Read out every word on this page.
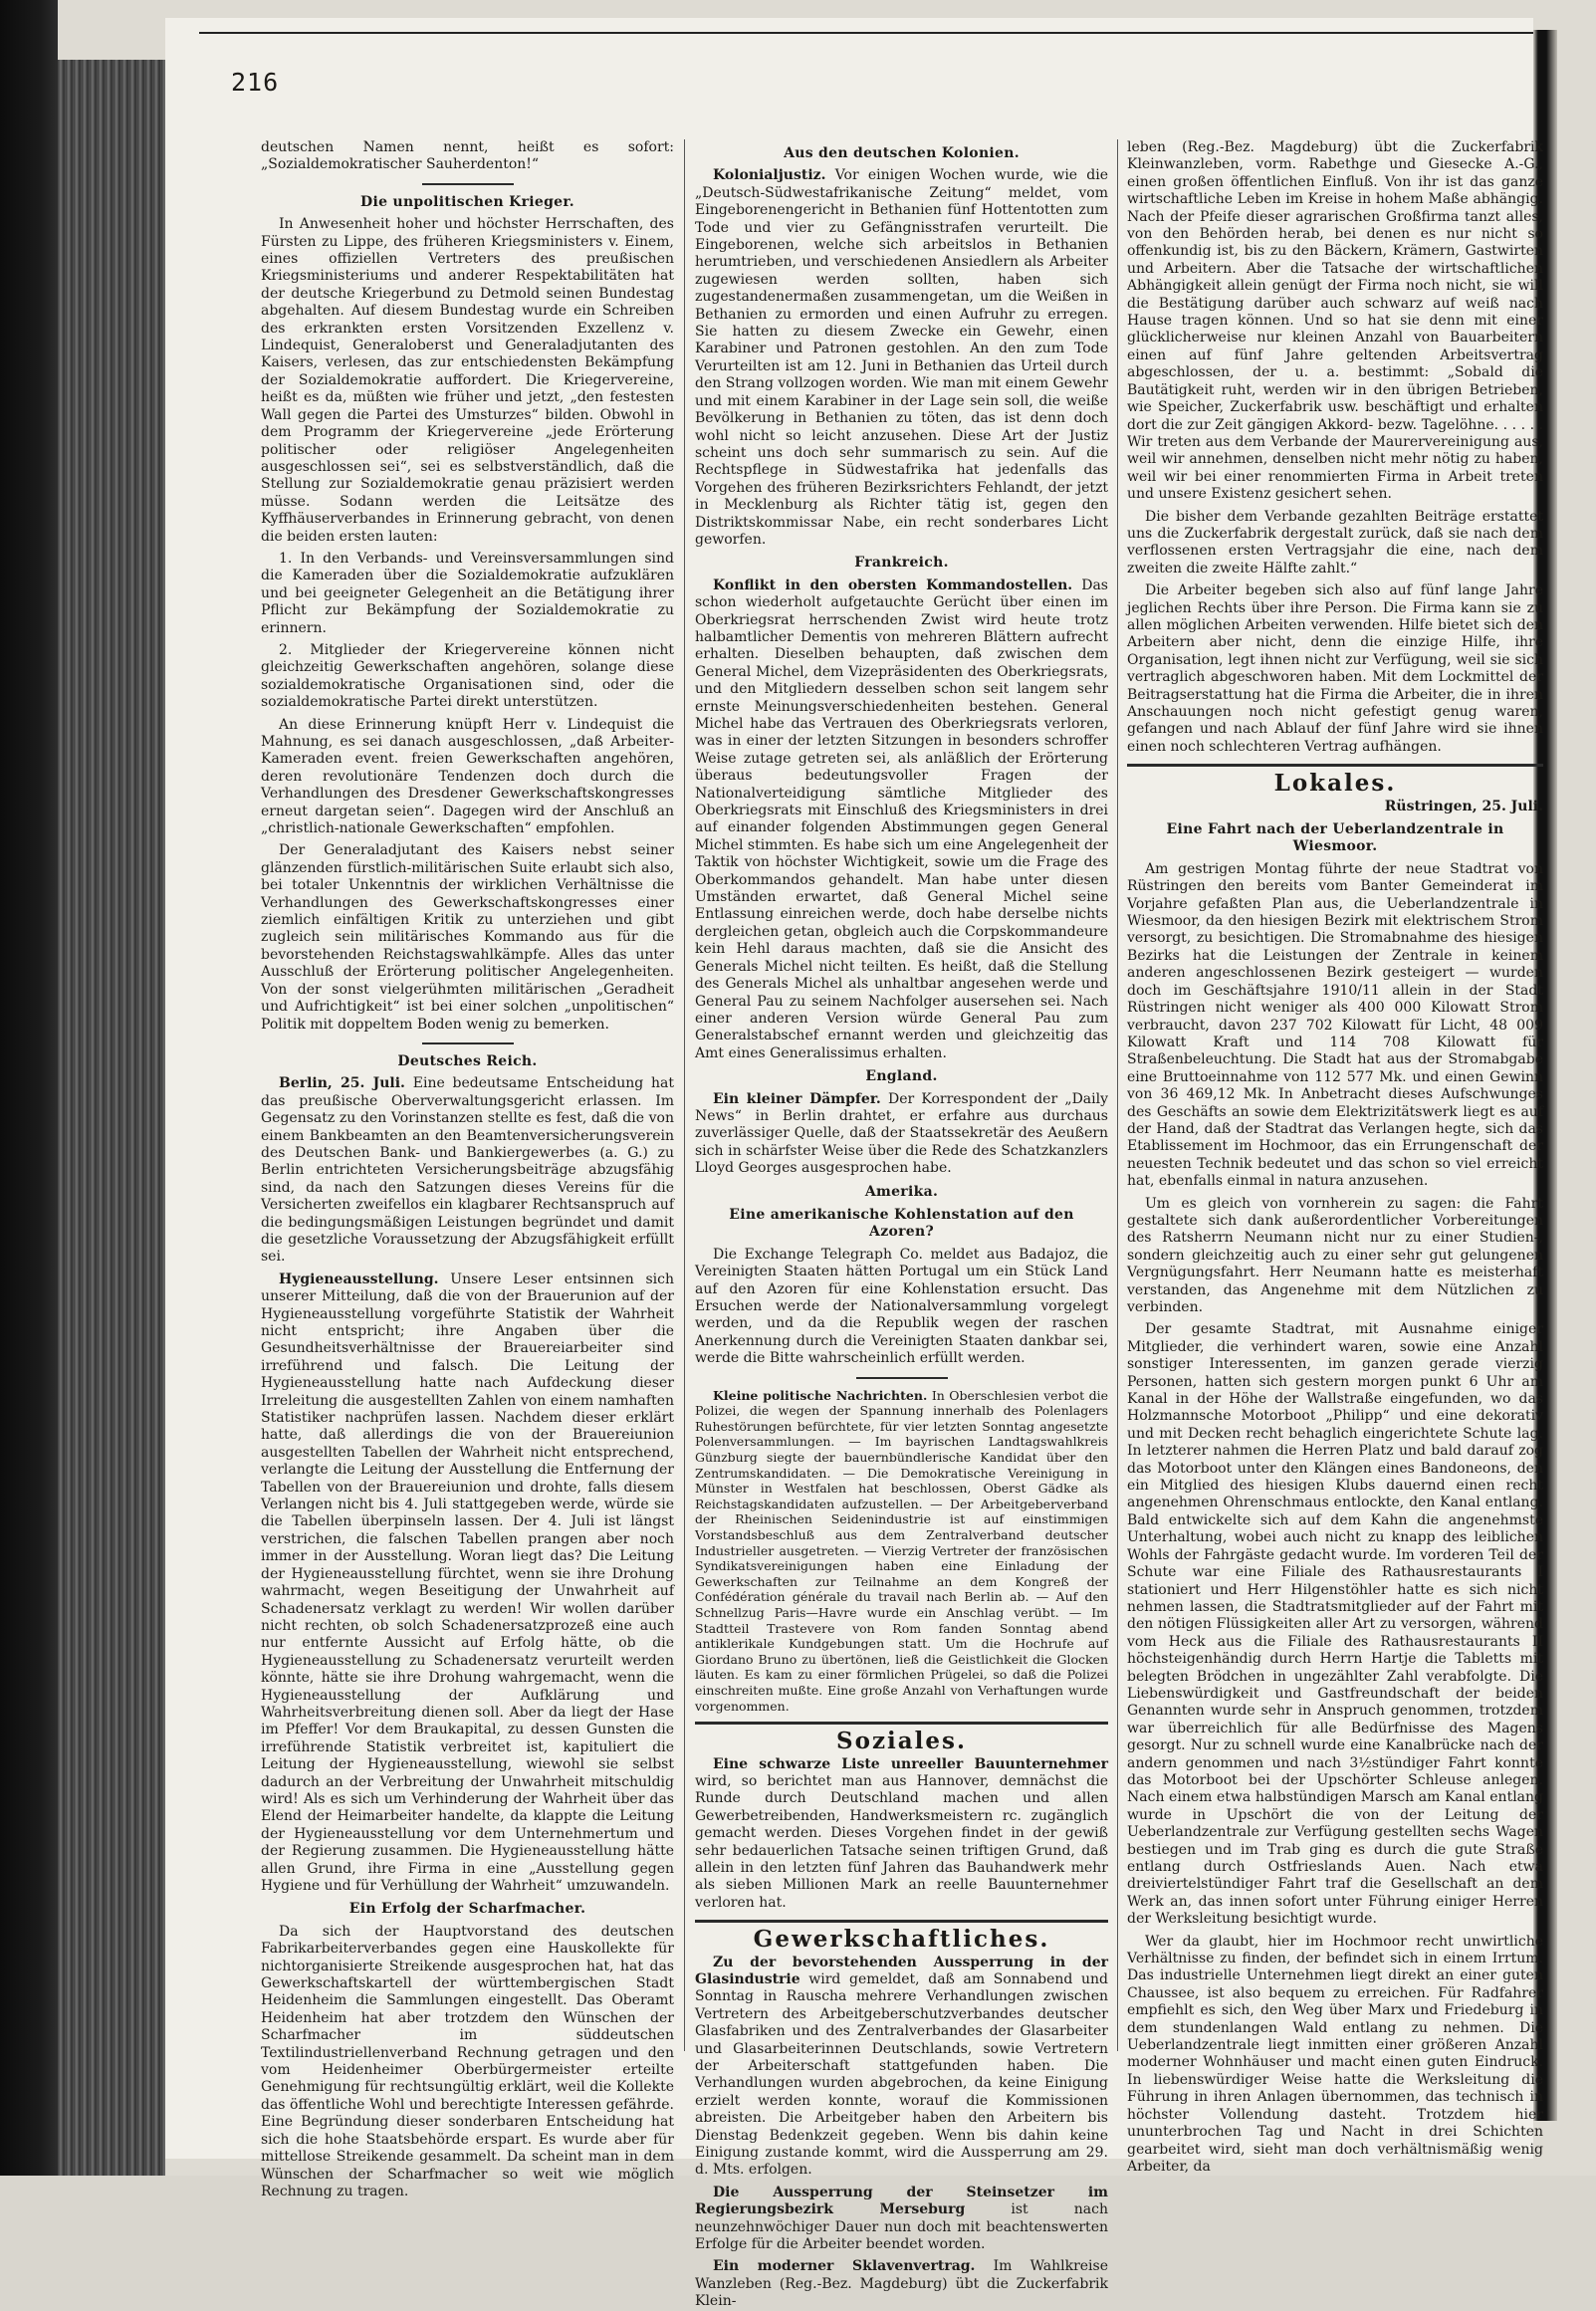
216

deutschen Namen nennt, heißt es sofort: „Sozialdemokratischer Sauherdenton!“

Die unpolitischen Krieger.

In Anwesenheit hoher und höchster Herrschaften, des Fürsten zu Lippe, des früheren Kriegsministers v. Einem, eines offiziellen Vertreters des preußischen Kriegsministeriums und anderer Respektabilitäten hat der deutsche Kriegerbund zu Detmold seinen Bundestag abgehalten. Auf diesem Bundestag wurde ein Schreiben des erkrankten ersten Vorsitzenden Exzellenz v. Lindequist, Generaloberst und Generaladjutanten des Kaisers, verlesen, das zur entschiedensten Bekämpfung der Sozialdemokratie auffordert. Die Kriegervereine, heißt es da, müßten wie früher und jetzt, „den festesten Wall gegen die Partei des Umsturzes“ bilden. Obwohl in dem Programm der Kriegervereine „jede Erörterung politischer oder religiöser Angelegenheiten ausgeschlossen sei“, sei es selbstverständlich, daß die Stellung zur Sozialdemokratie genau präzisiert werden müsse. Sodann werden die Leitsätze des Kyffhäuserverbandes in Erinnerung gebracht, von denen die beiden ersten lauten:

1. In den Verbands- und Vereinsversammlungen sind die Kameraden über die Sozialdemokratie aufzuklären und bei geeigneter Gelegenheit an die Betätigung ihrer Pflicht zur Bekämpfung der Sozialdemokratie zu erinnern.

2. Mitglieder der Kriegervereine können nicht gleichzeitig Gewerkschaften angehören, solange diese sozialdemokratische Organisationen sind, oder die sozialdemokratische Partei direkt unterstützen.

An diese Erinnerung knüpft Herr v. Lindequist die Mahnung, es sei danach ausgeschlossen, „daß Arbeiter-Kameraden event. freien Gewerkschaften angehören, deren revolutionäre Tendenzen doch durch die Verhandlungen des Dresdener Gewerkschaftskongresses erneut dargetan seien“. Dagegen wird der Anschluß an „christlich-nationale Gewerkschaften“ empfohlen.

Der Generaladjutant des Kaisers nebst seiner glänzenden fürstlich-militärischen Suite erlaubt sich also, bei totaler Unkenntnis der wirklichen Verhältnisse die Verhandlungen des Gewerkschaftskongresses einer ziemlich einfältigen Kritik zu unterziehen und gibt zugleich sein militärisches Kommando aus für die bevorstehenden Reichstagswahlkämpfe. Alles das unter Ausschluß der Erörterung politischer Angelegenheiten. Von der sonst vielgerühmten militärischen „Geradheit und Aufrichtigkeit“ ist bei einer solchen „unpolitischen“ Politik mit doppeltem Boden wenig zu bemerken.

Deutsches Reich.

Berlin, 25. Juli. Eine bedeutsame Entscheidung hat das preußische Oberverwaltungsgericht erlassen. Im Gegensatz zu den Vorinstanzen stellte es fest, daß die von einem Bankbeamten an den Beamtenversicherungsverein des Deutschen Bank- und Bankiergewerbes (a. G.) zu Berlin entrichteten Versicherungsbeiträge abzugsfähig sind, da nach den Satzungen dieses Vereins für die Versicherten zweifellos ein klagbarer Rechtsanspruch auf die bedingungsmäßigen Leistungen begründet und damit die gesetzliche Voraussetzung der Abzugsfähigkeit erfüllt sei.

Hygieneausstellung. Unsere Leser entsinnen sich unserer Mitteilung, daß die von der Brauerunion auf der Hygieneausstellung vorgeführte Statistik der Wahrheit nicht entspricht; ihre Angaben über die Gesundheitsverhältnisse der Brauereiarbeiter sind irreführend und falsch. Die Leitung der Hygieneausstellung hatte nach Aufdeckung dieser Irreleitung die ausgestellten Zahlen von einem namhaften Statistiker nachprüfen lassen. Nachdem dieser erklärt hatte, daß allerdings die von der Brauereiunion ausgestellten Tabellen der Wahrheit nicht entsprechend, verlangte die Leitung der Ausstellung die Entfernung der Tabellen von der Brauereiunion und drohte, falls diesem Verlangen nicht bis 4. Juli stattgegeben werde, würde sie die Tabellen überpinseln lassen. Der 4. Juli ist längst verstrichen, die falschen Tabellen prangen aber noch immer in der Ausstellung. Woran liegt das? Die Leitung der Hygieneausstellung fürchtet, wenn sie ihre Drohung wahrmacht, wegen Beseitigung der Unwahrheit auf Schadenersatz verklagt zu werden! Wir wollen darüber nicht rechten, ob solch Schadenersatzprozeß eine auch nur entfernte Aussicht auf Erfolg hätte, ob die Hygieneausstellung zu Schadenersatz verurteilt werden könnte, hätte sie ihre Drohung wahrgemacht, wenn die Hygieneausstellung der Aufklärung und Wahrheitsverbreitung dienen soll. Aber da liegt der Hase im Pfeffer! Vor dem Braukapital, zu dessen Gunsten die irreführende Statistik verbreitet ist, kapituliert die Leitung der Hygieneausstellung, wiewohl sie selbst dadurch an der Verbreitung der Unwahrheit mitschuldig wird! Als es sich um Verhinderung der Wahrheit über das Elend der Heimarbeiter handelte, da klappte die Leitung der Hygieneausstellung vor dem Unternehmertum und der Regierung zusammen. Die Hygieneausstellung hätte allen Grund, ihre Firma in eine „Ausstellung gegen Hygiene und für Verhüllung der Wahrheit“ umzuwandeln.

Ein Erfolg der Scharfmacher.

Da sich der Hauptvorstand des deutschen Fabrikarbeiterverbandes gegen eine Hauskollekte für nichtorganisierte Streikende ausgesprochen hat, hat das Gewerkschaftskartell der württembergischen Stadt Heidenheim die Sammlungen eingestellt. Das Oberamt Heidenheim hat aber trotzdem den Wünschen der Scharfmacher im süddeutschen Textilindustriellenverband Rechnung getragen und den vom Heidenheimer Oberbürgermeister erteilte Genehmigung für rechtsungültig erklärt, weil die Kollekte das öffentliche Wohl und berechtigte Interessen gefährde. Eine Begründung dieser sonderbaren Entscheidung hat sich die hohe Staatsbehörde erspart. Es wurde aber für mittellose Streikende gesammelt. Da scheint man in dem Wünschen der Scharfmacher so weit wie möglich Rechnung zu tragen.

Aus den deutschen Kolonien.

Kolonialjustiz. Vor einigen Wochen wurde, wie die „Deutsch-Südwestafrikanische Zeitung“ meldet, vom Eingeborenengericht in Bethanien fünf Hottentotten zum Tode und vier zu Gefängnisstrafen verurteilt. Die Eingeborenen, welche sich arbeitslos in Bethanien herumtrieben, und verschiedenen Ansiedlern als Arbeiter zugewiesen werden sollten, haben sich zugestandenermaßen zusammengetan, um die Weißen in Bethanien zu ermorden und einen Aufruhr zu erregen. Sie hatten zu diesem Zwecke ein Gewehr, einen Karabiner und Patronen gestohlen. An den zum Tode Verurteilten ist am 12. Juni in Bethanien das Urteil durch den Strang vollzogen worden. Wie man mit einem Gewehr und mit einem Karabiner in der Lage sein soll, die weiße Bevölkerung in Bethanien zu töten, das ist denn doch wohl nicht so leicht anzusehen. Diese Art der Justiz scheint uns doch sehr summarisch zu sein. Auf die Rechtspflege in Südwestafrika hat jedenfalls das Vorgehen des früheren Bezirksrichters Fehlandt, der jetzt in Mecklenburg als Richter tätig ist, gegen den Distriktskommissar Nabe, ein recht sonderbares Licht geworfen.

Frankreich.

Konflikt in den obersten Kommandostellen. Das schon wiederholt aufgetauchte Gerücht über einen im Oberkriegsrat herrschenden Zwist wird heute trotz halbamtlicher Dementis von mehreren Blättern aufrecht erhalten. Dieselben behaupten, daß zwischen dem General Michel, dem Vizepräsidenten des Oberkriegsrats, und den Mitgliedern desselben schon seit langem sehr ernste Meinungsverschiedenheiten bestehen. General Michel habe das Vertrauen des Oberkriegsrats verloren, was in einer der letzten Sitzungen in besonders schroffer Weise zutage getreten sei, als anläßlich der Erörterung überaus bedeutungsvoller Fragen der Nationalverteidigung sämtliche Mitglieder des Oberkriegsrats mit Einschluß des Kriegsministers in drei auf einander folgenden Abstimmungen gegen General Michel stimmten. Es habe sich um eine Angelegenheit der Taktik von höchster Wichtigkeit, sowie um die Frage des Oberkommandos gehandelt. Man habe unter diesen Umständen erwartet, daß General Michel seine Entlassung einreichen werde, doch habe derselbe nichts dergleichen getan, obgleich auch die Corpskommandeure kein Hehl daraus machten, daß sie die Ansicht des Generals Michel nicht teilten. Es heißt, daß die Stellung des Generals Michel als unhaltbar angesehen werde und General Pau zu seinem Nachfolger ausersehen sei. Nach einer anderen Version würde General Pau zum Generalstabschef ernannt werden und gleichzeitig das Amt eines Generalissimus erhalten.

England.

Ein kleiner Dämpfer. Der Korrespondent der „Daily News“ in Berlin drahtet, er erfahre aus durchaus zuverlässiger Quelle, daß der Staatssekretär des Aeußern sich in schärfster Weise über die Rede des Schatzkanzlers Lloyd Georges ausgesprochen habe.

Amerika.
Eine amerikanische Kohlenstation auf den Azoren?

Die Exchange Telegraph Co. meldet aus Badajoz, die Vereinigten Staaten hätten Portugal um ein Stück Land auf den Azoren für eine Kohlenstation ersucht. Das Ersuchen werde der Nationalversammlung vorgelegt werden, und da die Republik wegen der raschen Anerkennung durch die Vereinigten Staaten dankbar sei, werde die Bitte wahrscheinlich erfüllt werden.

Kleine politische Nachrichten. In Oberschlesien verbot die Polizei, die wegen der Spannung innerhalb des Polenlagers Ruhestörungen befürchtete, für vier letzten Sonntag angesetzte Polenversammlungen. — Im bayrischen Landtagswahlkreis Günzburg siegte der bauernbündlerische Kandidat über den Zentrumskandidaten. — Die Demokratische Vereinigung in Münster in Westfalen hat beschlossen, Oberst Gädke als Reichstagskandidaten aufzustellen. — Der Arbeitgeberverband der Rheinischen Seidenindustrie ist auf einstimmigen Vorstandsbeschluß aus dem Zentralverband deutscher Industrieller ausgetreten. — Vierzig Vertreter der französischen Syndikatsvereinigungen haben eine Einladung der Gewerkschaften zur Teilnahme an dem Kongreß der Confédération générale du travail nach Berlin ab. — Auf den Schnellzug Paris—Havre wurde ein Anschlag verübt. — Im Stadtteil Trastevere von Rom fanden Sonntag abend antiklerikale Kundgebungen statt. Um die Hochrufe auf Giordano Bruno zu übertönen, ließ die Geistlichkeit die Glocken läuten. Es kam zu einer förmlichen Prügelei, so daß die Polizei einschreiten mußte. Eine große Anzahl von Verhaftungen wurde vorgenommen.

Soziales.

Eine schwarze Liste unreeller Bauunternehmer wird, so berichtet man aus Hannover, demnächst die Runde durch Deutschland machen und allen Gewerbetreibenden, Handwerksmeistern rc. zugänglich gemacht werden. Dieses Vorgehen findet in der gewiß sehr bedauerlichen Tatsache seinen triftigen Grund, daß allein in den letzten fünf Jahren das Bauhandwerk mehr als sieben Millionen Mark an reelle Bauunternehmer verloren hat.

Gewerkschaftliches.

Zu der bevorstehenden Aussperrung in der Glasindustrie wird gemeldet, daß am Sonnabend und Sonntag in Rauscha mehrere Verhandlungen zwischen Vertretern des Arbeitgeberschutzverbandes deutscher Glasfabriken und des Zentralverbandes der Glasarbeiter und Glasarbeiterinnen Deutschlands, sowie Vertretern der Arbeiterschaft stattgefunden haben. Die Verhandlungen wurden abgebrochen, da keine Einigung erzielt werden konnte, worauf die Kommissionen abreisten. Die Arbeitgeber haben den Arbeitern bis Dienstag Bedenkzeit gegeben. Wenn bis dahin keine Einigung zustande kommt, wird die Aussperrung am 29. d. Mts. erfolgen.

Die Aussperrung der Steinsetzer im Regierungsbezirk Merseburg	ist nach neunzehnwöchiger Dauer nun doch mit beachtenswerten Erfolge für die Arbeiter beendet worden.

Ein moderner Sklavenvertrag. Im Wahlkreise Wanzleben (Reg.-Bez. Magdeburg) übt die Zuckerfabrik Klein-

leben (Reg.-Bez. Magdeburg) übt die Zuckerfabrik Kleinwanzleben, vorm. Rabethge und Giesecke A.-G., einen großen öffentlichen Einfluß. Von ihr ist das ganze wirtschaftliche Leben im Kreise in hohem Maße abhängig. Nach der Pfeife dieser agrarischen Großfirma tanzt alles, von den Behörden herab, bei denen es nur nicht so offenkundig ist, bis zu den Bäckern, Krämern, Gastwirten und Arbeitern. Aber die Tatsache der wirtschaftlichen Abhängigkeit allein genügt der Firma noch nicht, sie will die Bestätigung darüber auch schwarz auf weiß nach Hause tragen können. Und so hat sie denn mit einer glücklicherweise nur kleinen Anzahl von Bauarbeitern einen auf fünf Jahre geltenden Arbeitsvertrag abgeschlossen, der u. a. bestimmt: „Sobald die Bautätigkeit ruht, werden wir in den übrigen Betrieben, wie Speicher, Zuckerfabrik usw. beschäftigt und erhalten dort die zur Zeit gängigen Akkord- bezw. Tagelöhne. . . . . . Wir treten aus dem Verbande der Maurervereinigung aus, weil wir annehmen, denselben nicht mehr nötig zu haben, weil wir bei einer renommierten Firma in Arbeit treten und unsere Existenz gesichert sehen.

Die bisher dem Verbande gezahlten Beiträge erstattet uns die Zuckerfabrik dergestalt zurück, daß sie nach dem verflossenen ersten Vertragsjahr die eine, nach dem zweiten die zweite Hälfte zahlt.“

Die Arbeiter begeben sich also auf fünf lange Jahre jeglichen Rechts über ihre Person. Die Firma kann sie zu allen möglichen Arbeiten verwenden. Hilfe bietet sich den Arbeitern aber nicht, denn die einzige Hilfe, ihre Organisation, legt ihnen nicht zur Verfügung, weil sie sich vertraglich abgeschworen haben. Mit dem Lockmittel der Beitragserstattung hat die Firma die Arbeiter, die in ihren Anschauungen noch nicht gefestigt genug waren, gefangen und nach Ablauf der fünf Jahre wird sie ihnen einen noch schlechteren Vertrag aufhängen.

Lokales.
Rüstringen, 25. Juli.
Eine Fahrt nach der Ueberlandzentrale in Wiesmoor.

Am gestrigen Montag führte der neue Stadtrat von Rüstringen den bereits vom Banter Gemeinderat im Vorjahre gefaßten Plan aus, die Ueberlandzentrale in Wiesmoor, da den hiesigen Bezirk mit elektrischem Strom versorgt, zu besichtigen. Die Stromabnahme des hiesigen Bezirks hat die Leistungen der Zentrale in keinem anderen angeschlossenen Bezirk gesteigert — wurden doch im Geschäftsjahre 1910/11 allein in der Stadt Rüstringen nicht weniger als 400 000 Kilowatt Strom verbraucht, davon 237 702 Kilowatt für Licht, 48 009 Kilowatt Kraft und 114 708 Kilowatt für Straßenbeleuchtung. Die Stadt hat aus der Stromabgabe eine Bruttoeinnahme von 112 577 Mk. und einen Gewinn von 36 469,12 Mk. In Anbetracht dieses Aufschwunges des Geschäfts an sowie dem Elektrizitätswerk liegt es auf der Hand, daß der Stadtrat das Verlangen hegte, sich das Etablissement im Hochmoor, das ein Errungenschaft der neuesten Technik bedeutet und das schon so viel erreicht hat, ebenfalls einmal in natura anzusehen.

Um es gleich von vornherein zu sagen: die Fahrt gestaltete sich dank außerordentlicher Vorbereitungen des Ratsherrn Neumann nicht nur zu einer Studien-, sondern gleichzeitig auch zu einer sehr gut gelungenen Vergnügungsfahrt. Herr Neumann hatte es meisterhaft verstanden, das Angenehme mit dem Nützlichen zu verbinden.

Der gesamte Stadtrat, mit Ausnahme einiger Mitglieder, die verhindert waren, sowie eine Anzahl sonstiger Interessenten, im ganzen gerade vierzig Personen, hatten sich gestern morgen punkt 6 Uhr am Kanal in der Höhe der Wallstraße eingefunden, wo das Holzmannsche Motorboot „Philipp“ und eine dekorativ und mit Decken recht behaglich eingerichtete Schute lag. In letzterer nahmen die Herren Platz und bald darauf zog das Motorboot unter den Klängen eines Bandoneons, den ein Mitglied des hiesigen Klubs dauernd einen recht angenehmen Ohrenschmaus entlockte, den Kanal entlang. Bald entwickelte sich auf dem Kahn die angenehmste Unterhaltung, wobei auch nicht zu knapp des leiblichen Wohls der Fahrgäste gedacht wurde. Im vorderen Teil der Schute war eine Filiale des Rathausrestaurants I stationiert und Herr Hilgenstöhler hatte es sich nicht nehmen lassen, die Stadtratsmitglieder auf der Fahrt mit den nötigen Flüssigkeiten aller Art zu versorgen, während vom Heck aus die Filiale des Rathausrestaurants II höchsteigenhändig durch Herrn Hartje die Tabletts mit belegten Brödchen in ungezählter Zahl verabfolgte. Die Liebenswürdigkeit und Gastfreundschaft der beiden Genannten wurde sehr in Anspruch genommen, trotzdem war überreichlich für alle Bedürfnisse des Magens gesorgt. Nur zu schnell wurde eine Kanalbrücke nach der andern genommen und nach 3½stündiger Fahrt konnte das Motorboot bei der Upschörter Schleuse anlegen. Nach einem etwa halbstündigen Marsch am Kanal entlang wurde in Upschört die von der Leitung der Ueberlandzentrale zur Verfügung gestellten sechs Wagen bestiegen und im Trab ging es durch die gute Straße entlang durch Ostfrieslands Auen. Nach etwa dreiviertelstündiger Fahrt traf die Gesellschaft an dem Werk an, das innen sofort unter Führung einiger Herren der Werksleitung besichtigt wurde.

Wer da glaubt, hier im Hochmoor recht unwirtliche Verhältnisse zu finden, der befindet sich in einem Irrtum. Das industrielle Unternehmen liegt direkt an einer guten Chaussee, ist also bequem zu erreichen. Für Radfahrer empfiehlt es sich, den Weg über Marx und Friedeburg in dem stundenlangen Wald entlang zu nehmen. Die Ueberlandzentrale liegt inmitten einer größeren Anzahl moderner Wohnhäuser und macht einen guten Eindruck. In liebenswürdiger Weise hatte die Werksleitung die Führung in ihren Anlagen übernommen, das technisch in höchster Vollendung dasteht. Trotzdem hier ununterbrochen Tag und Nacht in drei Schichten gearbeitet wird, sieht man doch verhältnismäßig wenig Arbeiter, da
